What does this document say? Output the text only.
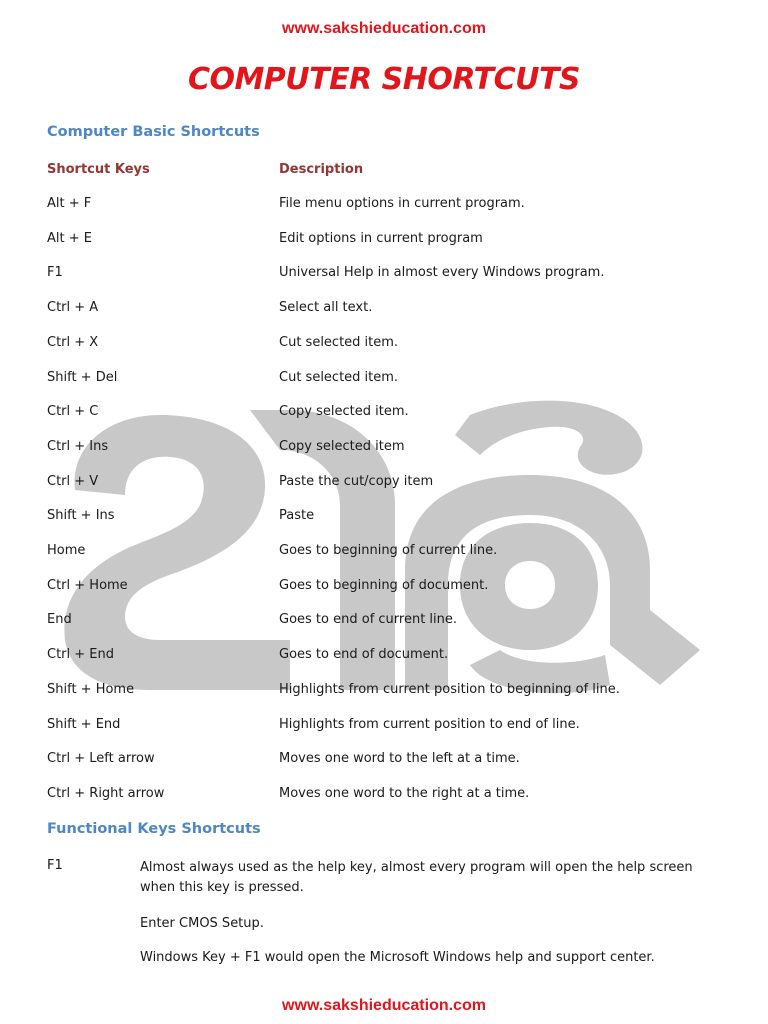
www.sakshieducation.com
COMPUTER SHORTCUTS
Computer Basic Shortcuts
Shortcut Keys	Description
Alt + F	File menu options in current program.
Alt + E	Edit options in current program
F1	Universal Help in almost every Windows program.
Ctrl + A	Select all text.
Ctrl + X	Cut selected item.
Shift + Del	Cut selected item.
Ctrl + C	Copy selected item.
Ctrl + Ins	Copy selected item
Ctrl + V	Paste the cut/copy item
Shift + Ins	Paste
Home	Goes to beginning of current line.
Ctrl + Home	Goes to beginning of document.
End	Goes to end of current line.
Ctrl + End	Goes to end of document.
Shift + Home	Highlights from current position to beginning of line.
Shift + End	Highlights from current position to end of line.
Ctrl + Left arrow	Moves one word to the left at a time.
Ctrl + Right arrow	Moves one word to the right at a time.
Functional Keys Shortcuts
F1	Almost always used as the help key, almost every program will open the help screen when this key is pressed.
Enter CMOS Setup.
Windows Key + F1 would open the Microsoft Windows help and support center.
www.sakshieducation.com
